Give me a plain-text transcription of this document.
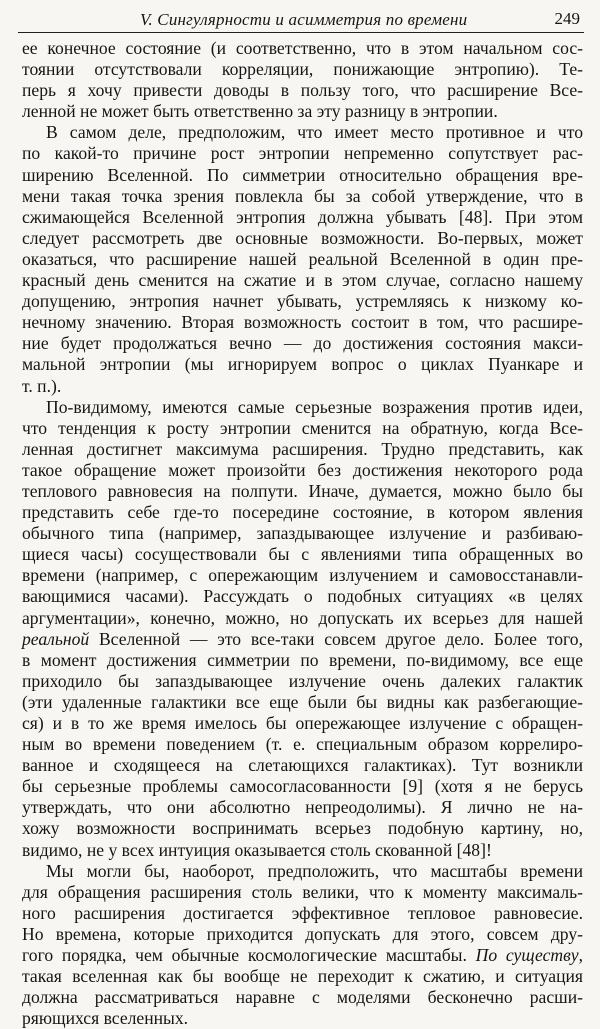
V. Сингулярности и асимметрия по времени	249
ее конечное состояние (и соответственно, что в этом начальном сос-
тоянии отсутствовали корреляции, понижающие энтропию). Те-
перь я хочу привести доводы в пользу того, что расширение Все-
ленной не может быть ответственно за эту разницу в энтропии.
В самом деле, предположим, что имеет место противное и что
по какой-то причине рост энтропии непременно сопутствует рас-
ширению Вселенной. По симметрии относительно обращения вре-
мени такая точка зрения повлекла бы за собой утверждение, что в
сжимающейся Вселенной энтропия должна убывать [48]. При этом
следует рассмотреть две основные возможности. Во-первых, может
оказаться, что расширение нашей реальной Вселенной в один пре-
красный день сменится на сжатие и в этом случае, согласно нашему
допущению, энтропия начнет убывать, устремляясь к низкому ко-
нечному значению. Вторая возможность состоит в том, что расшире-
ние будет продолжаться вечно — до достижения состояния макси-
мальной энтропии (мы игнорируем вопрос о циклах Пуанкаре и
т. п.).
По-видимому, имеются самые серьезные возражения против идеи,
что тенденция к росту энтропии сменится на обратную, когда Все-
ленная достигнет максимума расширения. Трудно представить, как
такое обращение может произойти без достижения некоторого рода
теплового равновесия на полпути. Иначе, думается, можно было бы
представить себе где-то посередине состояние, в котором явления
обычного типа (например, запаздывающее излучение и разбиваю-
щиеся часы) сосуществовали бы с явлениями типа обращенных во
времени (например, с опережающим излучением и самовосстанавли-
вающимися часами). Рассуждать о подобных ситуациях «в целях
аргументации», конечно, можно, но допускать их всерьез для нашей
реальной Вселенной — это все-таки совсем другое дело. Более того,
в момент достижения симметрии по времени, по-видимому, все еще
приходило бы запаздывающее излучение очень далеких галактик
(эти удаленные галактики все еще были бы видны как разбегающие-
ся) и в то же время имелось бы опережающее излучение с обращен-
ным во времени поведением (т. е. специальным образом коррелиро-
ванное и сходящееся на слетающихся галактиках). Тут возникли
бы серьезные проблемы самосогласованности [9] (хотя я не берусь
утверждать, что они абсолютно непреодолимы). Я лично не на-
хожу возможности воспринимать всерьез подобную картину, но,
видимо, не у всех интуиция оказывается столь скованной [48]!
Мы могли бы, наоборот, предположить, что масштабы времени
для обращения расширения столь велики, что к моменту максималь-
ного расширения достигается эффективное тепловое равновесие.
Но времена, которые приходится допускать для этого, совсем дру-
гого порядка, чем обычные космологические масштабы. По существу,
такая вселенная как бы вообще не переходит к сжатию, и ситуация
должна рассматриваться наравне с моделями бесконечно расши-
ряющихся вселенных.
